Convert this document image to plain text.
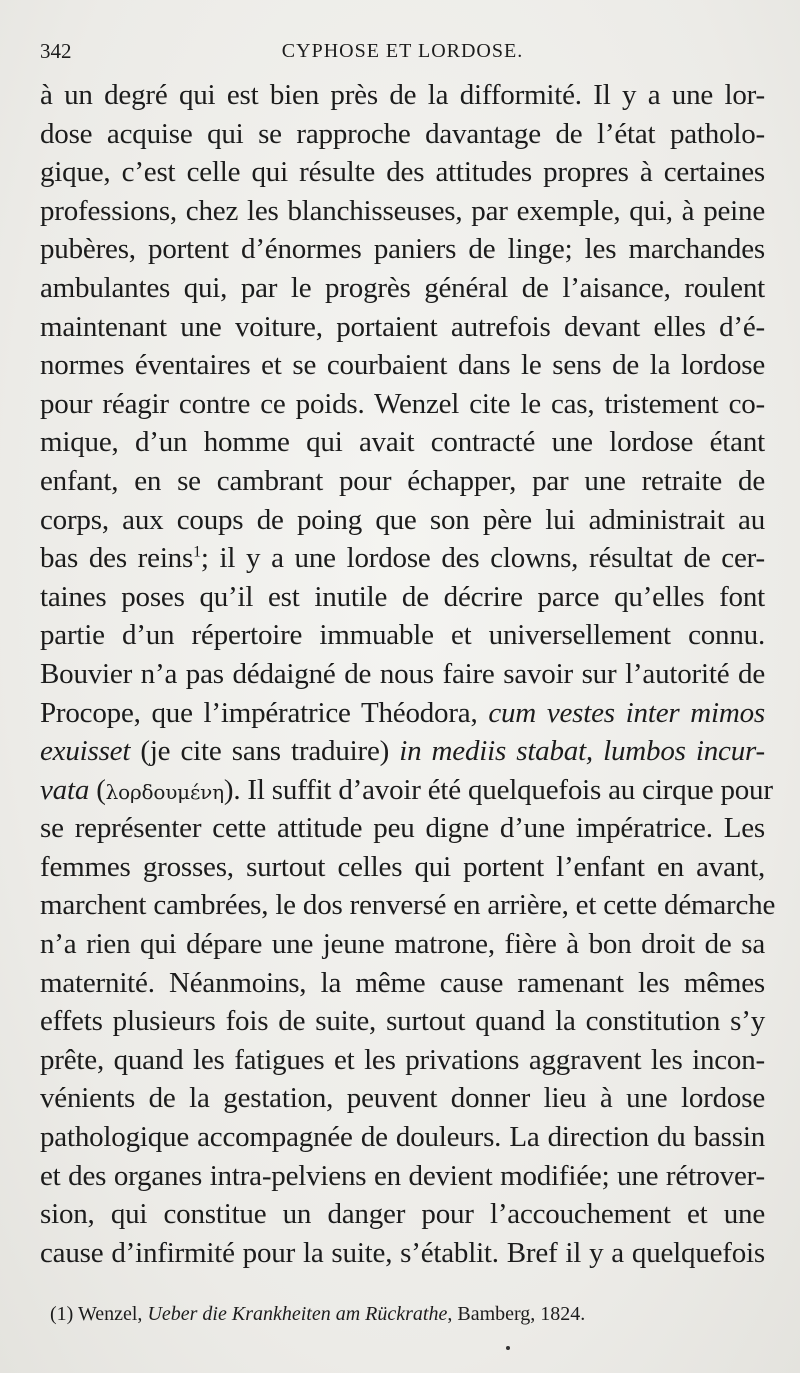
342	CYPHOSE ET LORDOSE.
à un degré qui est bien près de la difformité. Il y a une lor-
dose acquise qui se rapproche davantage de l’état patholo-
gique, c’est celle qui résulte des attitudes propres à certaines
professions, chez les blanchisseuses, par exemple, qui, à peine
pubères, portent d’énormes paniers de linge; les marchandes
ambulantes qui, par le progrès général de l’aisance, roulent
maintenant une voiture, portaient autrefois devant elles d’é-
normes éventaires et se courbaient dans le sens de la lordose
pour réagir contre ce poids. Wenzel cite le cas, tristement co-
mique, d’un homme qui avait contracté une lordose étant
enfant, en se cambrant pour échapper, par une retraite de
corps, aux coups de poing que son père lui administrait au
bas des reins$^1$; il y a une lordose des clowns, résultat de cer-
taines poses qu’il est inutile de décrire parce qu’elles font
partie d’un répertoire immuable et universellement connu.
Bouvier n’a pas dédaigné de nous faire savoir sur l’autorité de
Procope, que l’impératrice Théodora, cum vestes inter mimos
exuisset (je cite sans traduire) in mediis stabat, lumbos incur-
vata (λορδουμένη). Il suffit d’avoir été quelquefois au cirque pour
se représenter cette attitude peu digne d’une impératrice. Les
femmes grosses, surtout celles qui portent l’enfant en avant,
marchent cambrées, le dos renversé en arrière, et cette démarche
n’a rien qui dépare une jeune matrone, fière à bon droit de sa
maternité. Néanmoins, la même cause ramenant les mêmes
effets plusieurs fois de suite, surtout quand la constitution s’y
prête, quand les fatigues et les privations aggravent les incon-
vénients de la gestation, peuvent donner lieu à une lordose
pathologique accompagnée de douleurs. La direction du bassin
et des organes intra-pelviens en devient modifiée; une rétrover-
sion, qui constitue un danger pour l’accouchement et une
cause d’infirmité pour la suite, s’établit. Bref il y a quelquefois
(1) Wenzel, Ueber die Krankheiten am Rückrathe, Bamberg, 1824.
